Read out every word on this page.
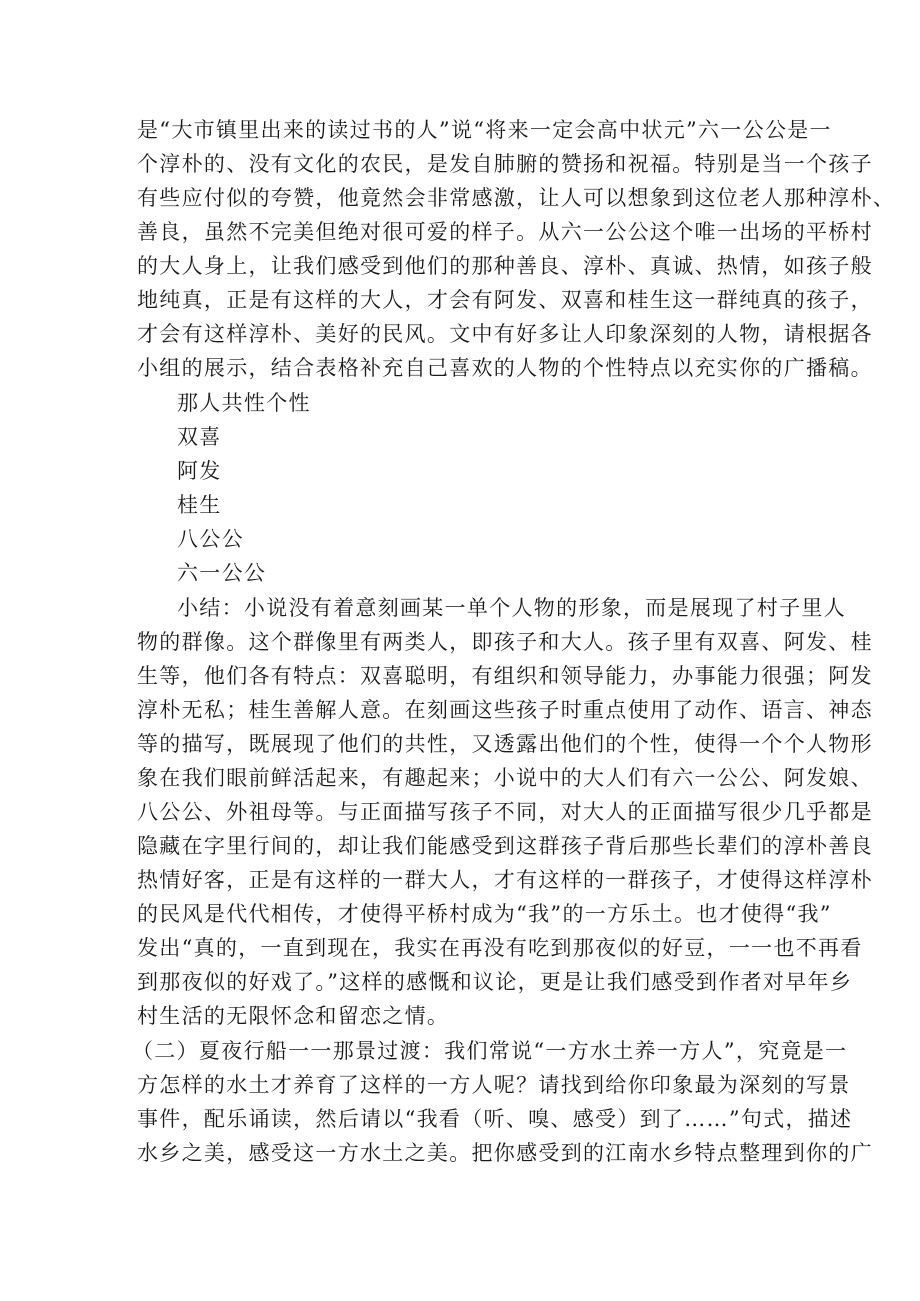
是“大市镇里出来的读过书的人”说“将来一定会高中状元”六一公公是一
个淳朴的、没有文化的农民，是发自肺腑的赞扬和祝福。特别是当一个孩子
有些应付似的夸赞，他竟然会非常感激，让人可以想象到这位老人那种淳朴、
善良，虽然不完美但绝对很可爱的样子。从六一公公这个唯一出场的平桥村
的大人身上，让我们感受到他们的那种善良、淳朴、真诚、热情，如孩子般
地纯真，正是有这样的大人，才会有阿发、双喜和桂生这一群纯真的孩子，
才会有这样淳朴、美好的民风。文中有好多让人印象深刻的人物，请根据各
小组的展示，结合表格补充自己喜欢的人物的个性特点以充实你的广播稿。
那人共性个性
双喜
阿发
桂生
八公公
六一公公
小结：小说没有着意刻画某一单个人物的形象，而是展现了村子里人
物的群像。这个群像里有两类人，即孩子和大人。孩子里有双喜、阿发、桂
生等，他们各有特点：双喜聪明，有组织和领导能力，办事能力很强；阿发
淳朴无私；桂生善解人意。在刻画这些孩子时重点使用了动作、语言、神态
等的描写，既展现了他们的共性，又透露出他们的个性，使得一个个人物形
象在我们眼前鲜活起来，有趣起来；小说中的大人们有六一公公、阿发娘、
八公公、外祖母等。与正面描写孩子不同，对大人的正面描写很少几乎都是
隐藏在字里行间的，却让我们能感受到这群孩子背后那些长辈们的淳朴善良
热情好客，正是有这样的一群大人，才有这样的一群孩子，才使得这样淳朴
的民风是代代相传，才使得平桥村成为“我”的一方乐土。也才使得“我”
发出“真的，一直到现在，我实在再没有吃到那夜似的好豆，一一也不再看
到那夜似的好戏了。”这样的感慨和议论，更是让我们感受到作者对早年乡
村生活的无限怀念和留恋之情。
（二）夏夜行船一一那景过渡：我们常说“一方水土养一方人”，究竟是一
方怎样的水土才养育了这样的一方人呢？请找到给你印象最为深刻的写景
事件，配乐诵读，然后请以“我看（听、嗅、感受）到了……”句式，描述
水乡之美，感受这一方水土之美。把你感受到的江南水乡特点整理到你的广
